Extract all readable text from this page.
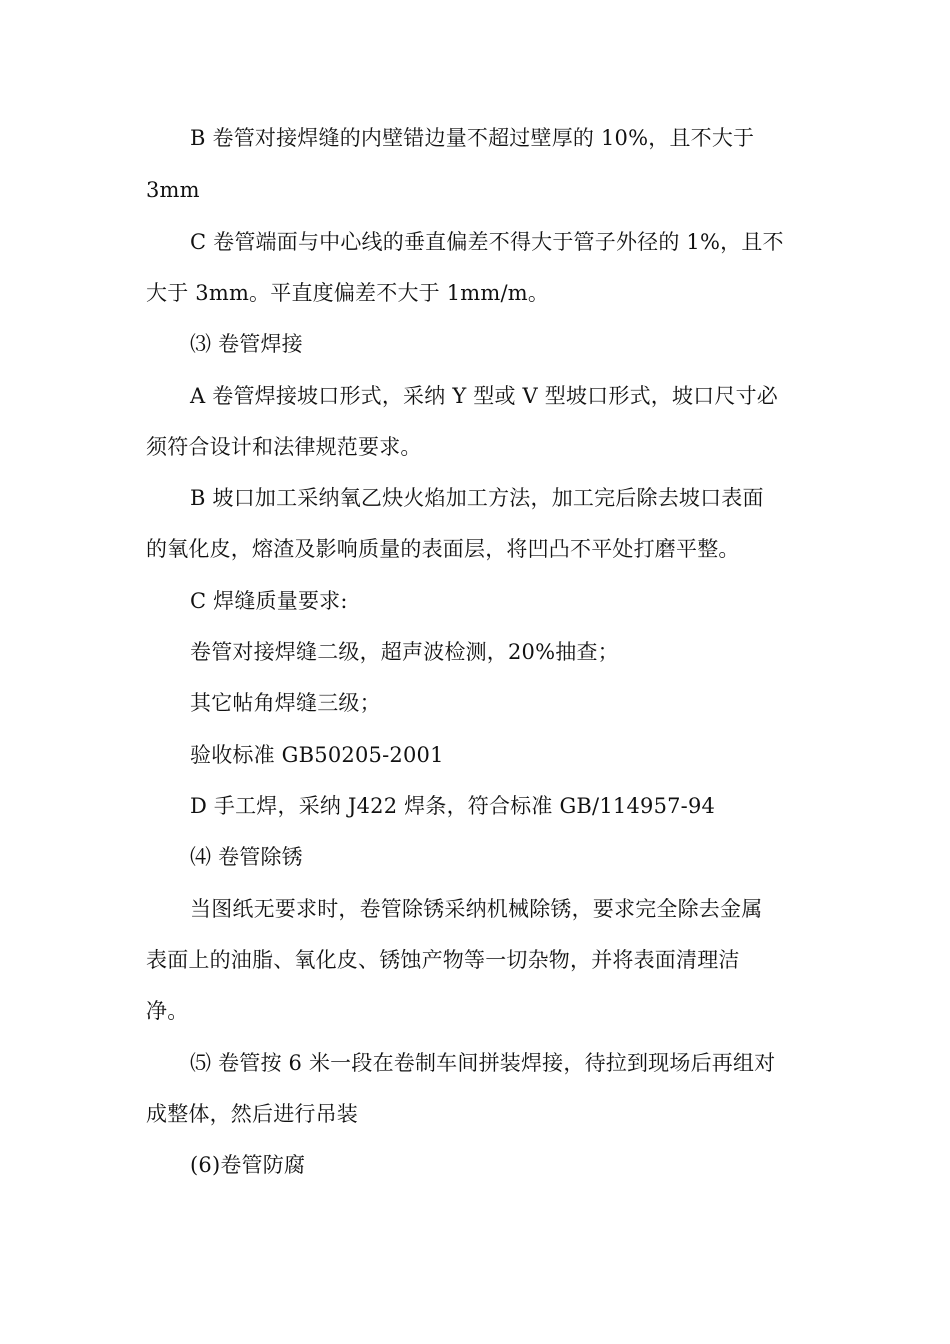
B 卷管对接焊缝的内壁错边量不超过壁厚的 10%，且不大于
3mm
C 卷管端面与中心线的垂直偏差不得大于管子外径的 1%，且不
大于 3mm。平直度偏差不大于 1mm/m。
⑶ 卷管焊接
A 卷管焊接坡口形式，采纳 Y 型或 V 型坡口形式，坡口尺寸必
须符合设计和法律规范要求。
B 坡口加工采纳氧乙炔火焰加工方法，加工完后除去坡口表面
的氧化皮，熔渣及影响质量的表面层，将凹凸不平处打磨平整。
C 焊缝质量要求:
卷管对接焊缝二级，超声波检测，20%抽查；
其它帖角焊缝三级；
验收标准 GB50205-2001
D 手工焊，采纳 J422 焊条，符合标准 GB/114957-94
⑷ 卷管除锈
当图纸无要求时，卷管除锈采纳机械除锈，要求完全除去金属
表面上的油脂、氧化皮、锈蚀产物等一切杂物，并将表面清理洁
净。
⑸ 卷管按 6 米一段在卷制车间拼装焊接，待拉到现场后再组对
成整体，然后进行吊装
(6)卷管防腐
